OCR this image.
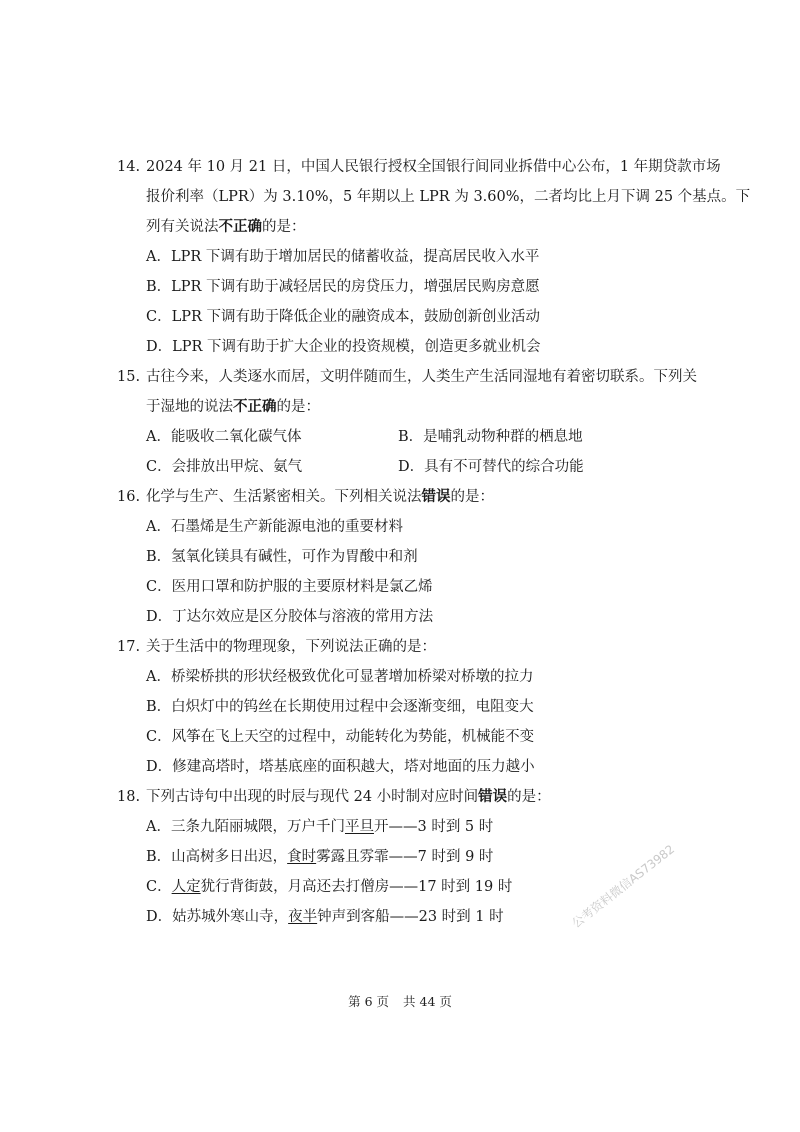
14. 2024 年 10 月 21 日，中国人民银行授权全国银行间同业拆借中心公布，1 年期贷款市场
报价利率（LPR）为 3.10%，5 年期以上 LPR 为 3.60%，二者均比上月下调 25 个基点。下
列有关说法不正确的是：
A．LPR 下调有助于增加居民的储蓄收益，提高居民收入水平
B．LPR 下调有助于减轻居民的房贷压力，增强居民购房意愿
C．LPR 下调有助于降低企业的融资成本，鼓励创新创业活动
D．LPR 下调有助于扩大企业的投资规模，创造更多就业机会
15. 古往今来，人类逐水而居，文明伴随而生，人类生产生活同湿地有着密切联系。下列关
于湿地的说法不正确的是：
A．能吸收二氧化碳气体	B．是哺乳动物种群的栖息地
C．会排放出甲烷、氨气	D．具有不可替代的综合功能
16. 化学与生产、生活紧密相关。下列相关说法错误的是：
A．石墨烯是生产新能源电池的重要材料
B．氢氧化镁具有碱性，可作为胃酸中和剂
C．医用口罩和防护服的主要原材料是氯乙烯
D．丁达尔效应是区分胶体与溶液的常用方法
17. 关于生活中的物理现象，下列说法正确的是：
A．桥梁桥拱的形状经极致优化可显著增加桥梁对桥墩的拉力
B．白炽灯中的钨丝在长期使用过程中会逐渐变细，电阻变大
C．风筝在飞上天空的过程中，动能转化为势能，机械能不变
D．修建高塔时，塔基底座的面积越大，塔对地面的压力越小
18. 下列古诗句中出现的时辰与现代 24 小时制对应时间错误的是：
A．三条九陌丽城隈，万户千门平旦开——3 时到 5 时
B．山高树多日出迟，食时雾露且雰霏——7 时到 9 时
C．人定犹行背街鼓，月高还去打僧房——17 时到 19 时
D．姑苏城外寒山寺，夜半钟声到客船——23 时到 1 时	公考资料微信AS73982
第 6 页 共 44 页
